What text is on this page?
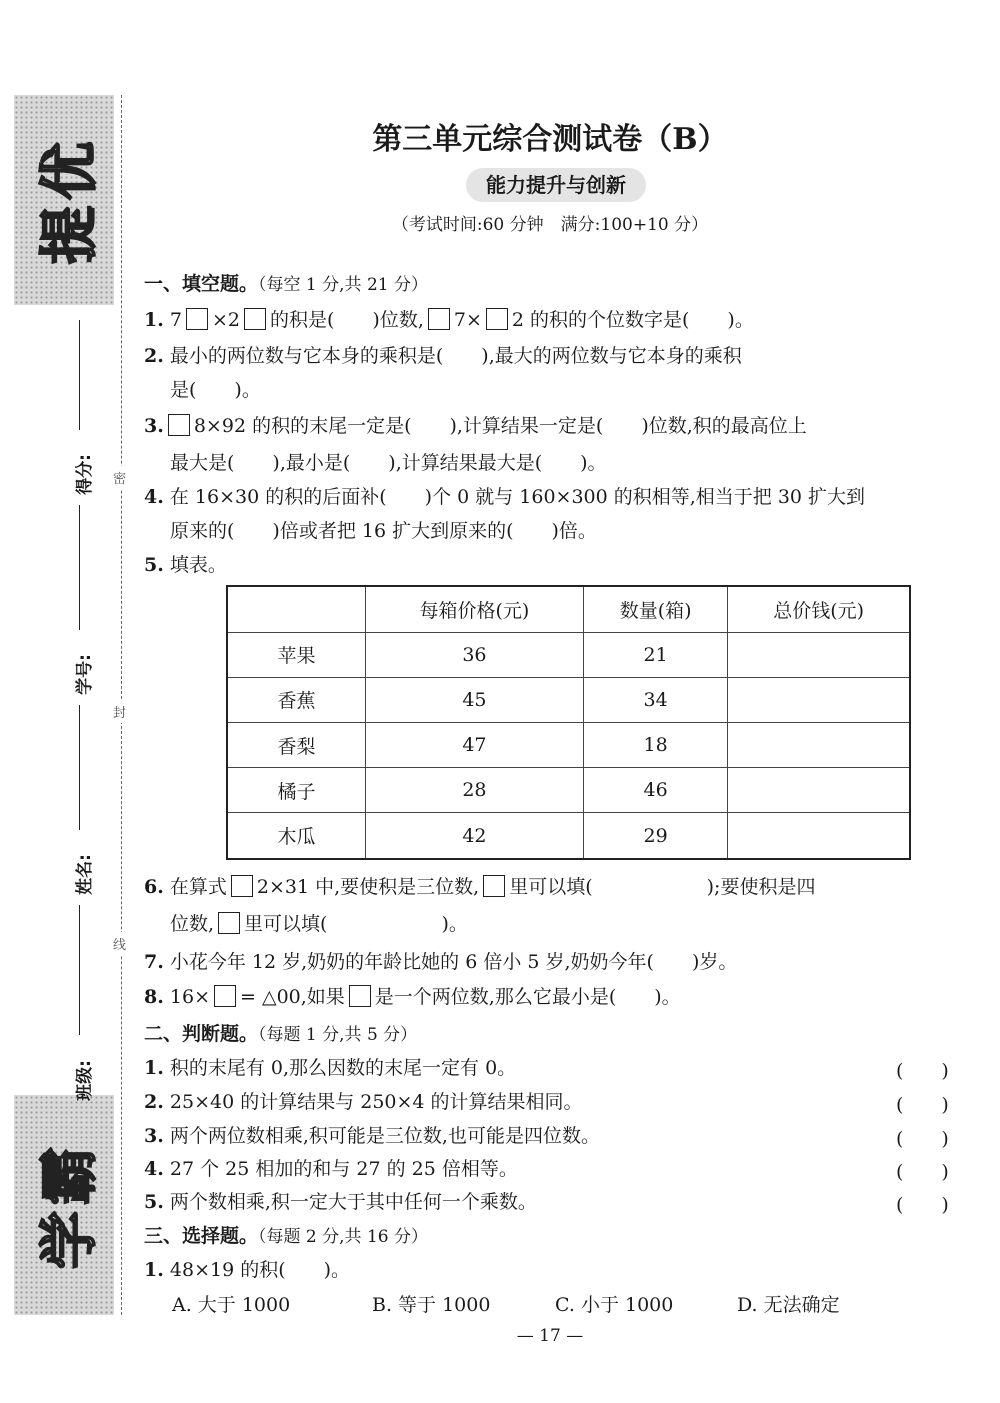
提优
学霸
得分:
学号:
姓名:
班级:
密
封
线
第三单元综合测试卷（B）
能力提升与创新
（考试时间:60 分钟　满分:100+10 分）
一、填空题。（每空 1 分,共 21 分）
1. 7 ×2 的积是(　　)位数, 7× 2 的积的个位数字是(　　)。
2. 最小的两位数与它本身的乘积是(　　),最大的两位数与它本身的乘积
是(　　)。
3. 8×92 的积的末尾一定是(　　),计算结果一定是(　　)位数,积的最高位上
最大是(　　),最小是(　　),计算结果最大是(　　)。
4. 在 16×30 的积的后面补(　　)个 0 就与 160×300 的积相等,相当于把 30 扩大到
原来的(　　)倍或者把 16 扩大到原来的(　　)倍。
5. 填表。
	每箱价格(元)	数量(箱)	总价钱(元)
苹果	36	21	
香蕉	45	34	
香梨	47	18	
橘子	28	46	
木瓜	42	29	
6. 在算式 2×31 中,要使积是三位数, 里可以填(　　　　　　);要使积是四
位数, 里可以填(　　　　　　)。
7. 小花今年 12 岁,奶奶的年龄比她的 6 倍小 5 岁,奶奶今年(　　)岁。
8. 16× = △00,如果 是一个两位数,那么它最小是(　　)。
二、判断题。（每题 1 分,共 5 分）
1. 积的末尾有 0,那么因数的末尾一定有 0。	(　　)
2. 25×40 的计算结果与 250×4 的计算结果相同。	(　　)
3. 两个两位数相乘,积可能是三位数,也可能是四位数。	(　　)
4. 27 个 25 相加的和与 27 的 25 倍相等。	(　　)
5. 两个数相乘,积一定大于其中任何一个乘数。	(　　)
三、选择题。（每题 2 分,共 16 分）
1. 48×19 的积(　　)。
A. 大于 1000	B. 等于 1000	C. 小于 1000	D. 无法确定
— 17 —
